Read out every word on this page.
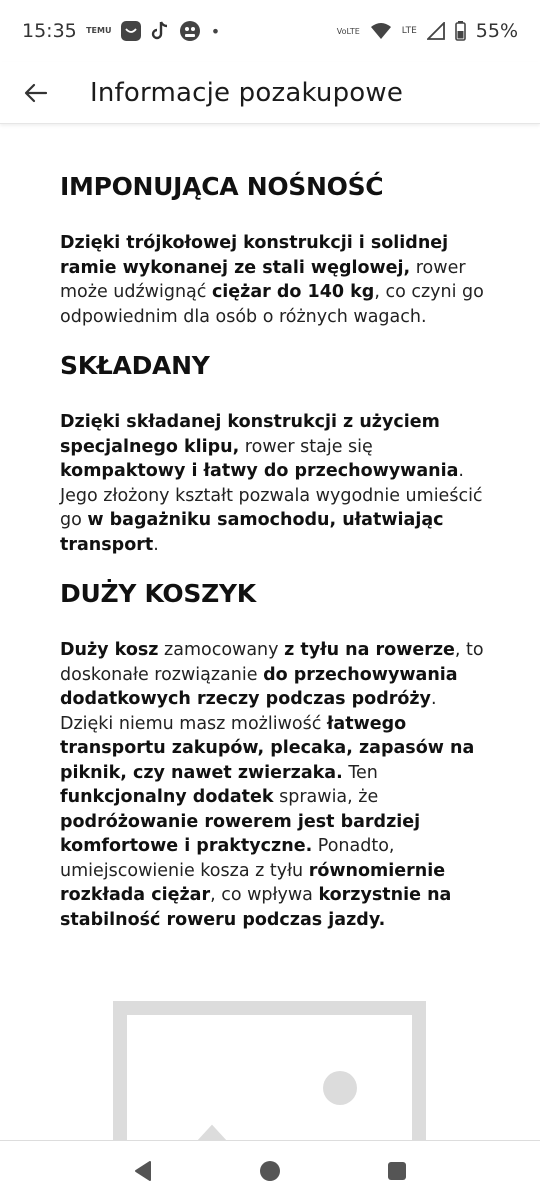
15:35 TEMU	•	VoLTE	LTE	55%
Informacje pozakupowe
IMPONUJĄCA NOŚNOŚĆ

Dzięki trójkołowej konstrukcji i solidnej ramie wykonanej ze stali węglowej, rower może udźwignąć ciężar do 140 kg, co czyni go odpowiednim dla osób o różnych wagach.

SKŁADANY

Dzięki składanej konstrukcji z użyciem specjalnego klipu, rower staje się kompaktowy i łatwy do przechowywania. Jego złożony kształt pozwala wygodnie umieścić go w bagażniku samochodu, ułatwiając transport.

DUŻY KOSZYK

Duży kosz zamocowany z tyłu na rowerze, to doskonałe rozwiązanie do przechowywania dodatkowych rzeczy podczas podróży. Dzięki niemu masz możliwość łatwego transportu zakupów, plecaka, zapasów na piknik, czy nawet zwierzaka. Ten funkcjonalny dodatek sprawia, że podróżowanie rowerem jest bardziej komfortowe i praktyczne. Ponadto, umiejscowienie kosza z tyłu równomiernie rozkłada ciężar, co wpływa korzystnie na stabilność roweru podczas jazdy.
